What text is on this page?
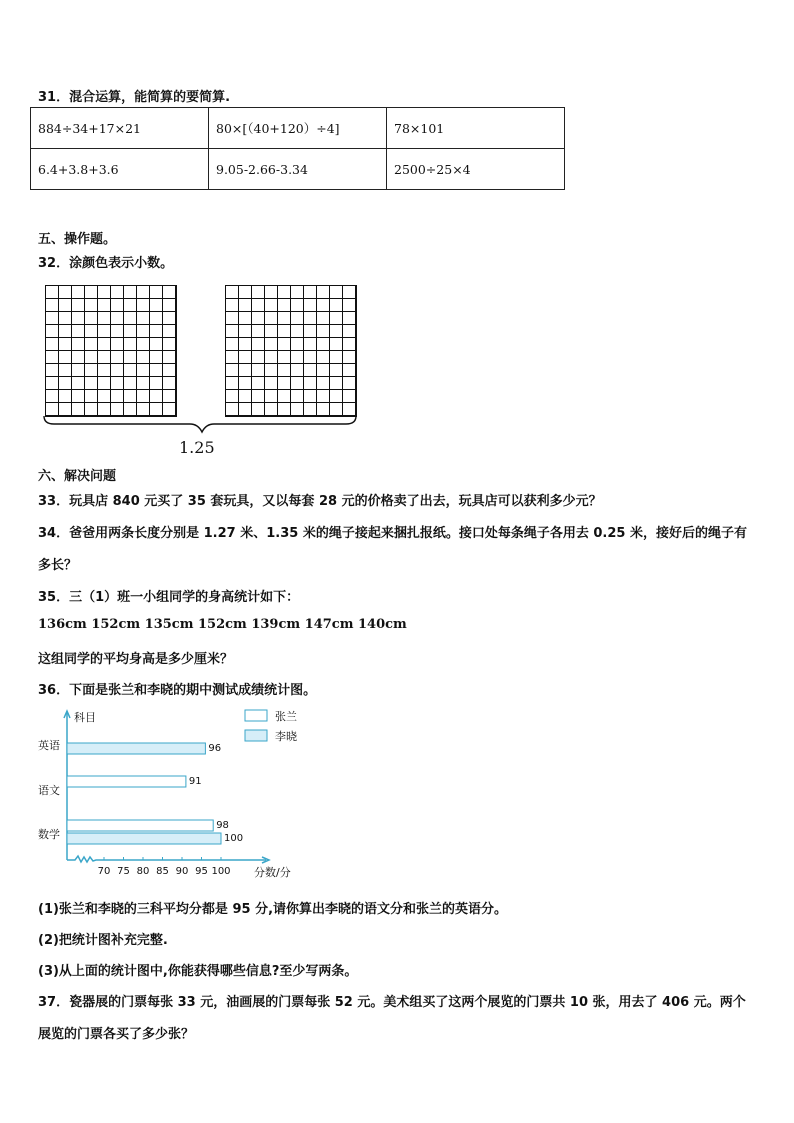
31．混合运算，能简算的要简算.
884÷34+17×21	80×[（40+120）÷4]	78×101
6.4+3.8+3.6	9.05-2.66-3.34	2500÷25×4
五、操作题。
32．涂颜色表示小数。
1.25
六、解决问题
33．玩具店 840 元买了 35 套玩具，又以每套 28 元的价格卖了出去，玩具店可以获利多少元？
34．爸爸用两条长度分别是 1.27 米、1.35 米的绳子接起来捆扎报纸。接口处每条绳子各用去 0.25 米，接好后的绳子有
多长？
35．三（1）班一小组同学的身高统计如下：
136cm 152cm 135cm 152cm 139cm 147cm 140cm
这组同学的平均身高是多少厘米？
36．下面是张兰和李晓的期中测试成绩统计图。
科目
分数/分
70 75 80 85 90 95 100
英语	96
语文
91
数学
98
100
张兰
李晓
(1)张兰和李晓的三科平均分都是 95 分,请你算出李晓的语文分和张兰的英语分。
(2)把统计图补充完整.
(3)从上面的统计图中,你能获得哪些信息?至少写两条。
37．瓷器展的门票每张 33 元，油画展的门票每张 52 元。美术组买了这两个展览的门票共 10 张，用去了 406 元。两个
展览的门票各买了多少张？
